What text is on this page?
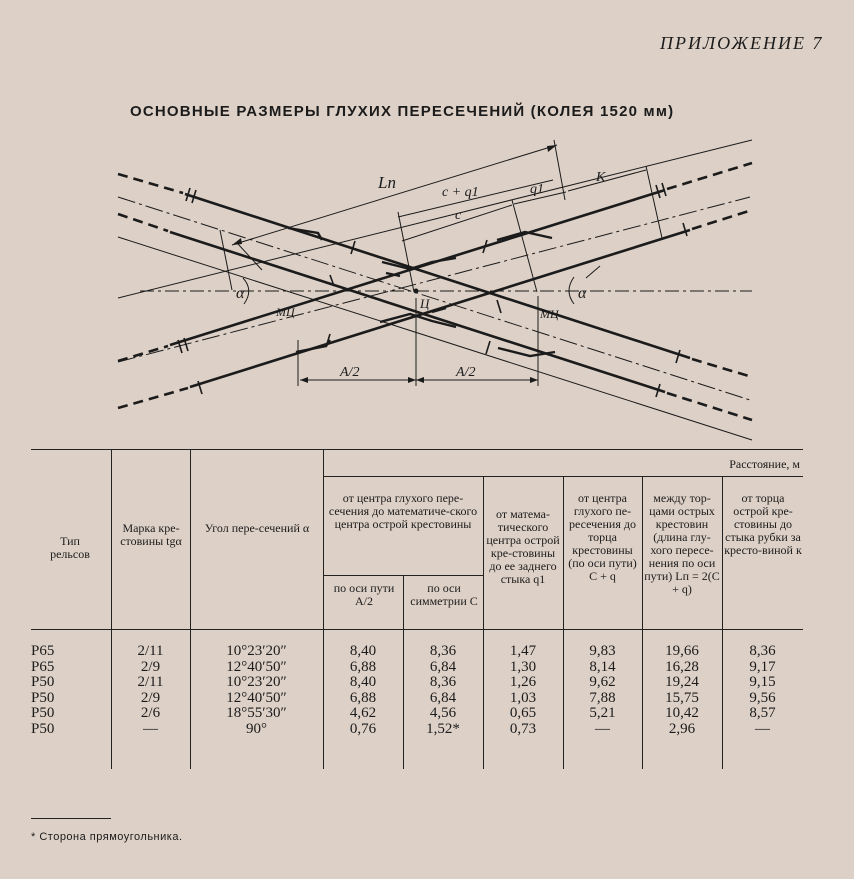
ПРИЛОЖЕНИЕ 7
ОСНОВНЫЕ РАЗМЕРЫ ГЛУХИХ ПЕРЕСЕЧЕНИЙ (КОЛЕЯ 1520 мм)
Lп
c + q1
c
q1
K
α	α
МЦ	МЦ
Ц
A/2	A/2
Тип рельсов
Марка кре-стовины tgα
Угол пере-сечений α
Расстояние, м
от центра глухого пере-сечения до математиче-ского центра острой крестовины
по оси пути A/2
по оси симметрии C
от матема-тического центра острой кре-стовины до ее заднего стыка q1
от центра глухого пе-ресечения до торца крестовины (по оси пути) C + q
между тор-цами острых крестовин (длина глу-хого пересе-нения по оси пути) Lп = 2(C + q)
от торца острой кре-стовины до стыка рубки за кресто-виной к
Р65	2/11	10°23′20″	8,40	8,36	1,47	9,83	19,66	8,36
Р65	2/9	12°40′50″	6,88	6,84	1,30	8,14	16,28	9,17
Р50	2/11	10°23′20″	8,40	8,36	1,26	9,62	19,24	9,15
Р50	2/9	12°40′50″	6,88	6,84	1,03	7,88	15,75	9,56
Р50	2/6	18°55′30″	4,62	4,56	0,65	5,21	10,42	8,57
Р50	—	90°	0,76	1,52*	0,73	—	2,96	—
* Сторона прямоугольника.
